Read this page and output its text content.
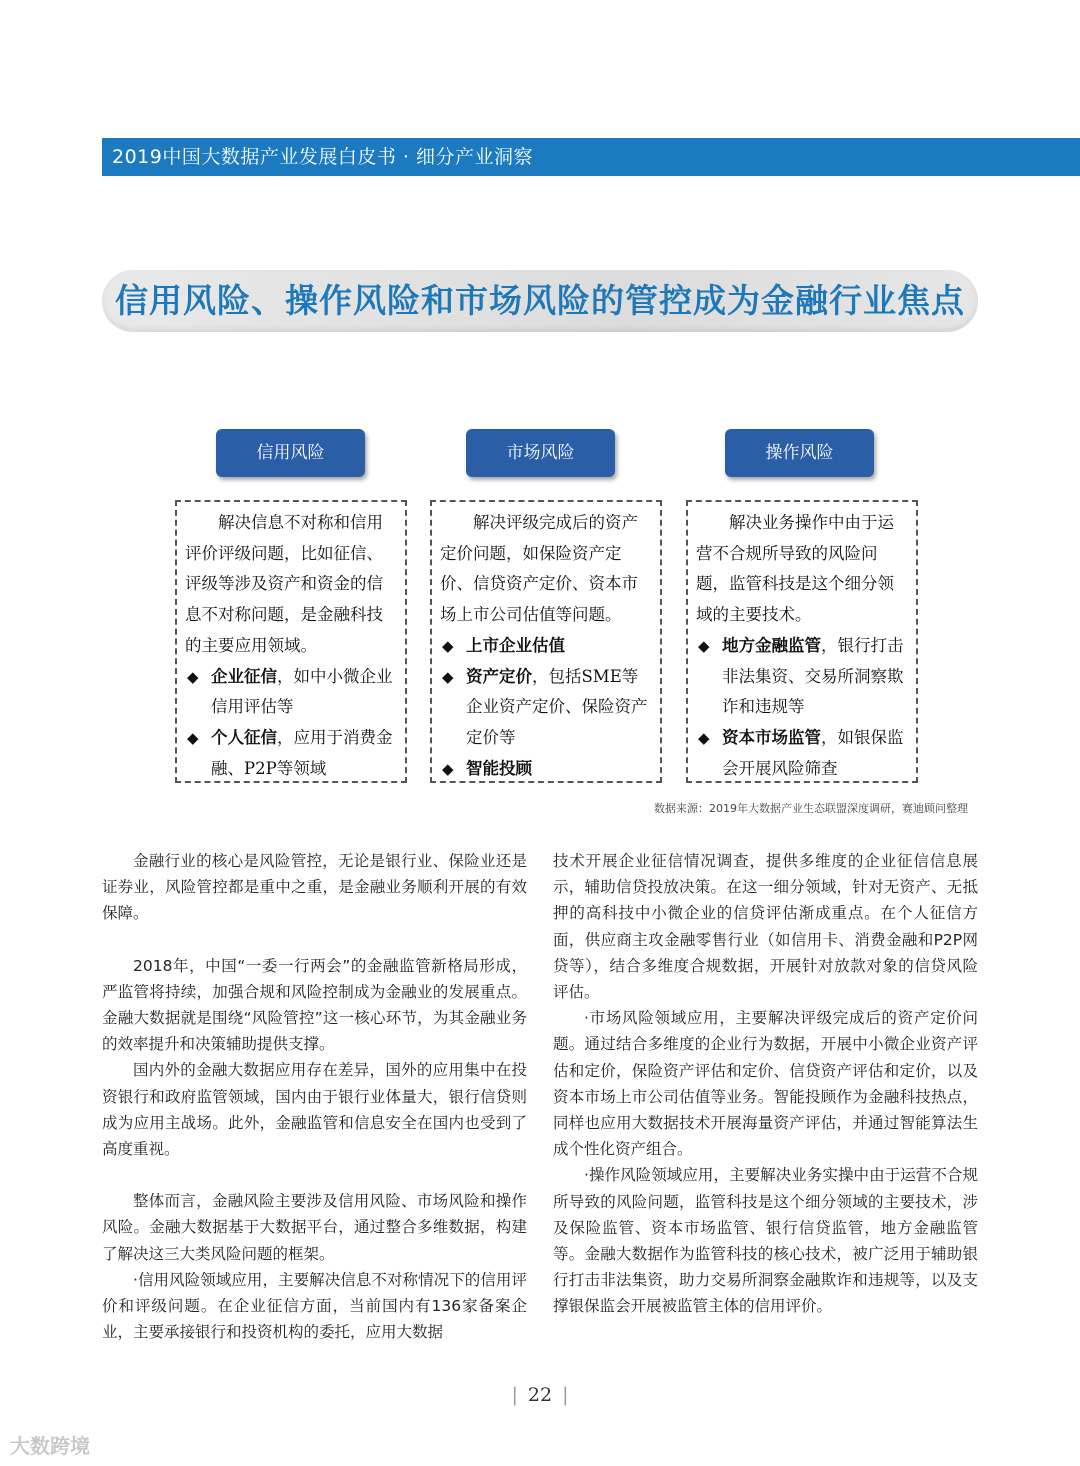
2019中国大数据产业发展白皮书 · 细分产业洞察
信用风险、操作风险和市场风险的管控成为金融行业焦点
信用风险	市场风险	操作风险

解决信息不对称和信用评价评级问题，比如征信、评级等涉及资产和资金的信息不对称问题，是金融科技的主要应用领域。

◆ 企业征信，如中小微企业信用评估等

◆ 个人征信，应用于消费金融、P2P等领域

解决评级完成后的资产定价问题，如保险资产定价、信贷资产定价、资本市场上市公司估值等问题。

◆ 上市企业估值

◆ 资产定价，包括SME等企业资产定价、保险资产定价等

◆ 智能投顾

解决业务操作中由于运营不合规所导致的风险问题，监管科技是这个细分领域的主要技术。

◆ 地方金融监管，银行打击非法集资、交易所洞察欺诈和违规等

◆ 资本市场监管，如银保监会开展风险筛查

数据来源：2019年大数据产业生态联盟深度调研，赛迪顾问整理

金融行业的核心是风险管控，无论是银行业、保险业还是证券业，风险管控都是重中之重，是金融业务顺利开展的有效保障。

2018年，中国“一委一行两会”的金融监管新格局形成，严监管将持续，加强合规和风险控制成为金融业的发展重点。金融大数据就是围绕“风险管控”这一核心环节，为其金融业务的效率提升和决策辅助提供支撑。

国内外的金融大数据应用存在差异，国外的应用集中在投资银行和政府监管领域，国内由于银行业体量大，银行信贷则成为应用主战场。此外，金融监管和信息安全在国内也受到了高度重视。

整体而言，金融风险主要涉及信用风险、市场风险和操作风险。金融大数据基于大数据平台，通过整合多维数据，构建了解决这三大类风险问题的框架。

·信用风险领域应用，主要解决信息不对称情况下的信用评价和评级问题。在企业征信方面，当前国内有136家备案企业，主要承接银行和投资机构的委托，应用大数据

技术开展企业征信情况调查，提供多维度的企业征信信息展示，辅助信贷投放决策。在这一细分领域，针对无资产、无抵押的高科技中小微企业的信贷评估渐成重点。在个人征信方面，供应商主攻金融零售行业（如信用卡、消费金融和P2P网贷等），结合多维度合规数据，开展针对放款对象的信贷风险评估。

·市场风险领域应用，主要解决评级完成后的资产定价问题。通过结合多维度的企业行为数据，开展中小微企业资产评估和定价，保险资产评估和定价、信贷资产评估和定价，以及资本市场上市公司估值等业务。智能投顾作为金融科技热点，同样也应用大数据技术开展海量资产评估，并通过智能算法生成个性化资产组合。

·操作风险领域应用，主要解决业务实操中由于运营不合规所导致的风险问题，监管科技是这个细分领域的主要技术，涉及保险监管、资本市场监管、银行信贷监管，地方金融监管等。金融大数据作为监管科技的核心技术，被广泛用于辅助银行打击非法集资，助力交易所洞察金融欺诈和违规等，以及支撑银保监会开展被监管主体的信用评价。

| 22 |
大数跨境
